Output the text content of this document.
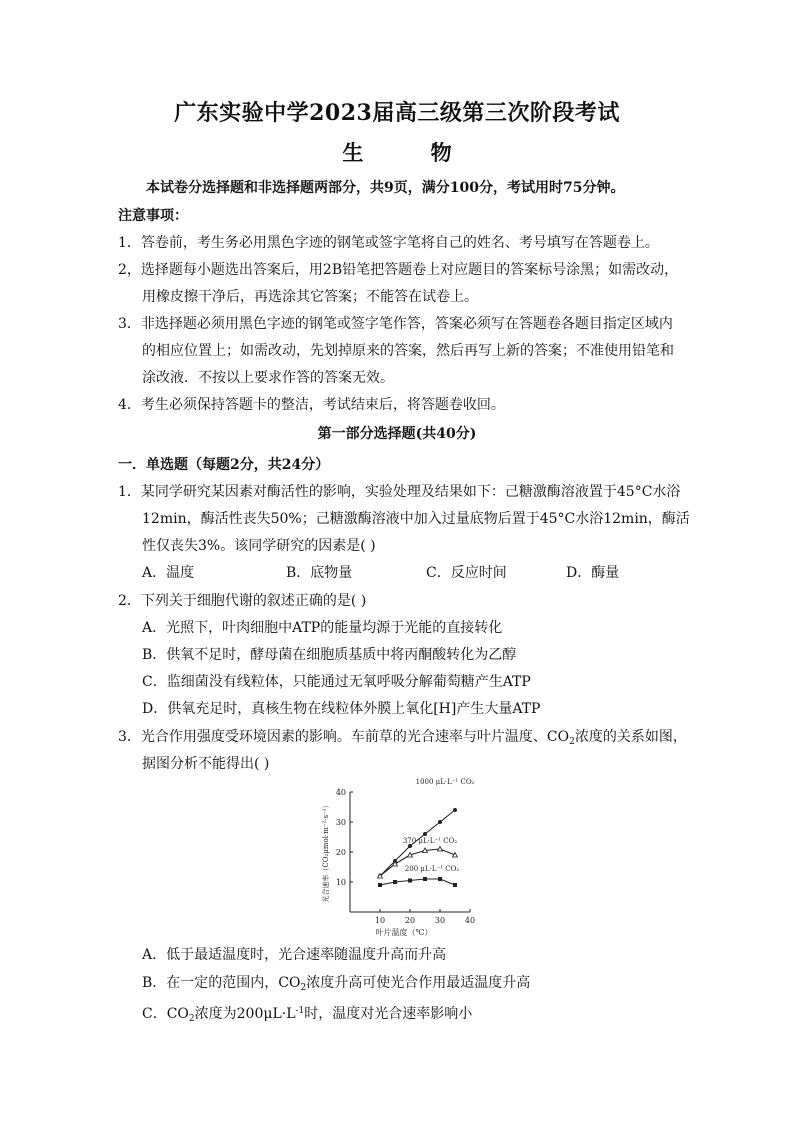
广东实验中学2023届高三级第三次阶段考试
生 物
本试卷分选择题和非选择题两部分，共9页，满分100分，考试用时75分钟。
注意事项：
1．答卷前，考生务必用黑色字迹的钢笔或签字笔将自己的姓名、考号填写在答题卷上。
2，选择题每小题选出答案后，用2B铅笔把答题卷上对应题目的答案标号涂黑；如需改动，
用橡皮擦干净后，再选涂其它答案；不能答在试卷上。
3．非选择题必须用黑色字迹的钢笔或签字笔作答，答案必须写在答题卷各题目指定区域内
的相应位置上；如需改动，先划掉原来的答案，然后再写上新的答案；不准使用铅笔和
涂改液．不按以上要求作答的答案无效。
4．考生必须保持答题卡的整洁，考试结束后，将答题卷收回。
第一部分选择题(共40分)
一．单选题（每题2分，共24分）
1．某同学研究某因素对酶活性的影响，实验处理及结果如下：己糖激酶溶液置于45°C水浴
12min，酶活性丧失50%；己糖激酶溶液中加入过量底物后置于45°C水浴12min，酶活
性仅丧失3%。该同学研究的因素是( )
A．温度	B．底物量	C．反应时间	D．酶量
2．下列关于细胞代谢的叙述正确的是( )
A．光照下，叶肉细胞中ATP的能量均源于光能的直接转化
B．供氧不足时，酵母菌在细胞质基质中将丙酮酸转化为乙醇
C．监细菌没有线粒体，只能通过无氧呼吸分解葡萄糖产生ATP
D．供氧充足时，真核生物在线粒体外膜上氧化[H]产生大量ATP
3．光合作用强度受环境因素的影响。车前草的光合速率与叶片温度、$CO_2$浓度的关系如图，
据图分析不能得出( )
10 20 30 40
10
20
30
40
叶片温度（℃）
光合速率（CO₂μmol·m⁻²·s⁻¹）
1000 μL·L⁻¹ CO₂
370 μL·L⁻¹ CO₂
200 μL·L⁻¹ CO₂
A．低于最适温度时，光合速率随温度升高而升高
B．在一定的范围内，$CO_2$浓度升高可使光合作用最适温度升高
C．$CO_2$浓度为$200\mu L\cdot L^{-1}$时，温度对光合速率影响小
